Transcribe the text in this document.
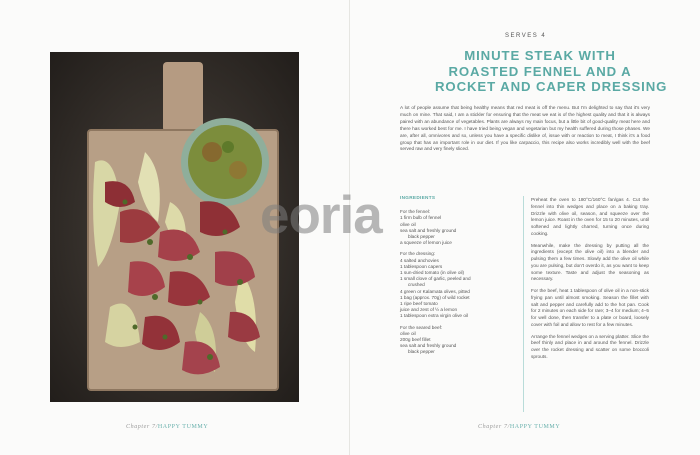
Chapter 7/HAPPY TUMMY
SERVES 4
MINUTE STEAK WITH
ROASTED FENNEL AND A
ROCKET AND CAPER DRESSING
A lot of people assume that being healthy means that red meat is off the menu. But I'm delighted to say that it's very much on mine. That said, I am a stickler for ensuring that the meat we eat is of the highest quality and that it is always paired with an abundance of vegetables. Plants are always my main focus, but a little bit of good-quality meat here and there has worked best for me. I have tried being vegan and vegetarian but my health suffered during those phases. We are, after all, omnivores and so, unless you have a specific dislike of, issue with or reaction to meat, I think it's a food group that has an important role in our diet. If you like carpaccio, this recipe also works incredibly well with the beef served raw and very finely sliced.
INGREDIENTS
For the fennel:
1 firm bulb of fennel
olive oil
sea salt and freshly ground
black pepper
a squeeze of lemon juice
For the dressing:
4 salted anchovies
1 tablespoon capers
1 sun-dried tomato (in olive oil)
1 small clove of garlic, peeled and
crushed
4 green or Kalamata olives, pitted
1 bag (approx. 70g) of wild rocket
1 ripe beef tomato
juice and zest of ½ a lemon
1 tablespoon extra virgin olive oil
For the seared beef:
olive oil
200g beef fillet
sea salt and freshly ground
black pepper

Preheat the oven to 180°C/160°C fan/gas 4. Cut the fennel into thin wedges and place on a baking tray. Drizzle with olive oil, season, and squeeze over the lemon juice. Roast in the oven for 15 to 20 minutes, until softened and lightly charred, turning once during cooking.

Meanwhile, make the dressing by putting all the ingredients (except the olive oil) into a blender and pulsing them a few times. Slowly add the olive oil while you are pulsing, but don't overdo it, as you want to keep some texture. Taste and adjust the seasoning as necessary.

For the beef, heat 1 tablespoon of olive oil in a non-stick frying pan until almost smoking. Season the fillet with salt and pepper and carefully add to the hot pan. Cook for 2 minutes on each side for rare; 3–4 for medium; 4–5 for well done, then transfer to a plate or board, loosely cover with foil and allow to rest for a few minutes.

Arrange the fennel wedges on a serving platter. Slice the beef thinly and place in and around the fennel. Drizzle over the rocket dressing and scatter on some broccoli sprouts.

Chapter 7/HAPPY TUMMY
eoria
